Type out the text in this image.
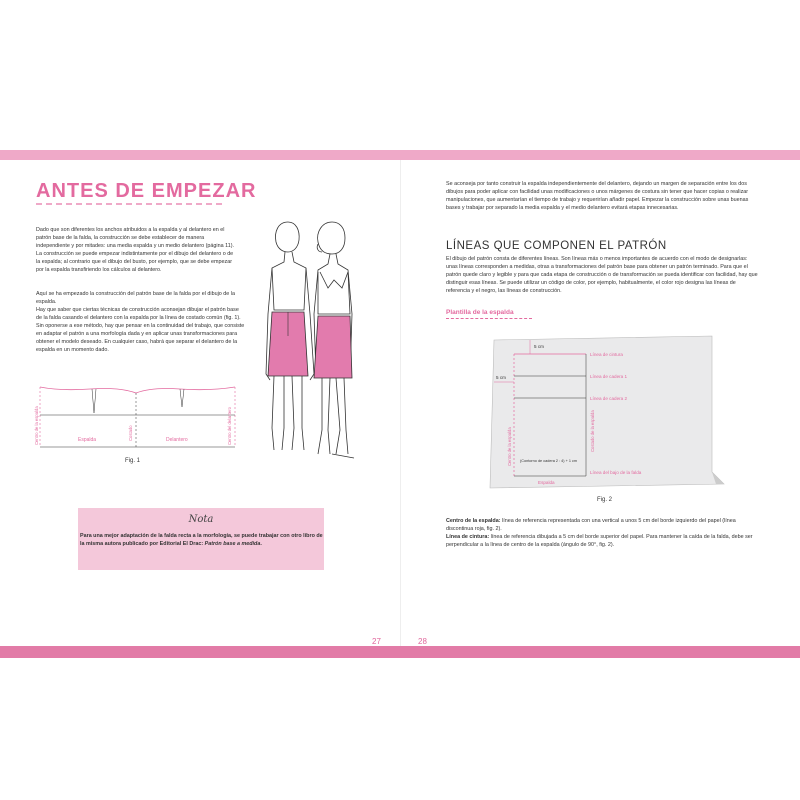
ANTES DE EMPEZAR
Dado que son diferentes los anchos atribuidos a la espalda y al delantero en el patrón base de la falda, la construcción se debe establecer de manera independiente y por mitades: una media espalda y un medio delantero (página 11). La construcción se puede empezar indistintamente por el dibujo del delantero o de la espalda; al contrario que el dibujo del busto, por ejemplo, que se debe empezar por la espalda transfiriendo los cálculos al delantero.
Aquí se ha empezado la construcción del patrón base de la falda por el dibujo de la espalda.
Hay que saber que ciertas técnicas de construcción aconsejan dibujar el patrón base de la falda casando el delantero con la espalda por la línea de costado común (fig. 1). Sin oponerse a ese método, hay que pensar en la continuidad del trabajo, que consiste en adaptar el patrón a una morfología dada y en aplicar unas transformaciones para obtener el modelo deseado. En cualquier caso, habrá que separar el delantero de la espalda en un momento dado.
Centro de la espalda	Espalda	Costado	Delantero	Centro del delantero
Fig. 1
Nota
Para una mejor adaptación de la falda recta a la morfología, se puede trabajar con otro libro de la misma autora publicado por Editorial El Drac: Patrón base a medida.
Se aconseja por tanto construir la espalda independientemente del delantero, dejando un margen de separación entre los dos dibujos para poder aplicar con facilidad unas modificaciones o unos márgenes de costura sin tener que hacer copias o realizar manipulaciones, que aumentarían el tiempo de trabajo y requerirían añadir papel. Empezar la construcción sobre unas buenas bases y trabajar por separado la media espalda y el medio delantero evitará etapas innecesarias.
LÍNEAS QUE COMPONEN EL PATRÓN
El dibujo del patrón consta de diferentes líneas. Son líneas más o menos importantes de acuerdo con el modo de designarlas: unas líneas corresponden a medidas, otras a transformaciones del patrón base para obtener un patrón terminado. Para que el patrón quede claro y legible y para que cada etapa de construcción o de transformación se pueda identificar con facilidad, hay que distinguir esas líneas. Se puede utilizar un código de color, por ejemplo, habitualmente, el color rojo designa las líneas de referencia y el negro, las líneas de construcción.
Plantilla de la espalda
5 cm
5 cm
Línea de cintura
Línea de cadera 1
Línea de cadera 2
Centro de la espalda	Costado de la espalda
(Contorno de cadera 2 : 4) + 1 cm
Línea del bajo de la falda
Espalda
Fig. 2
Centro de la espalda: línea de referencia representada con una vertical a unos 5 cm del borde izquierdo del papel (línea discontinua roja, fig. 2).
Línea de cintura: línea de referencia dibujada a 5 cm del borde superior del papel. Para mantener la caída de la falda, debe ser perpendicular a la línea de centro de la espalda (ángulo de 90°, fig. 2).
27	28
